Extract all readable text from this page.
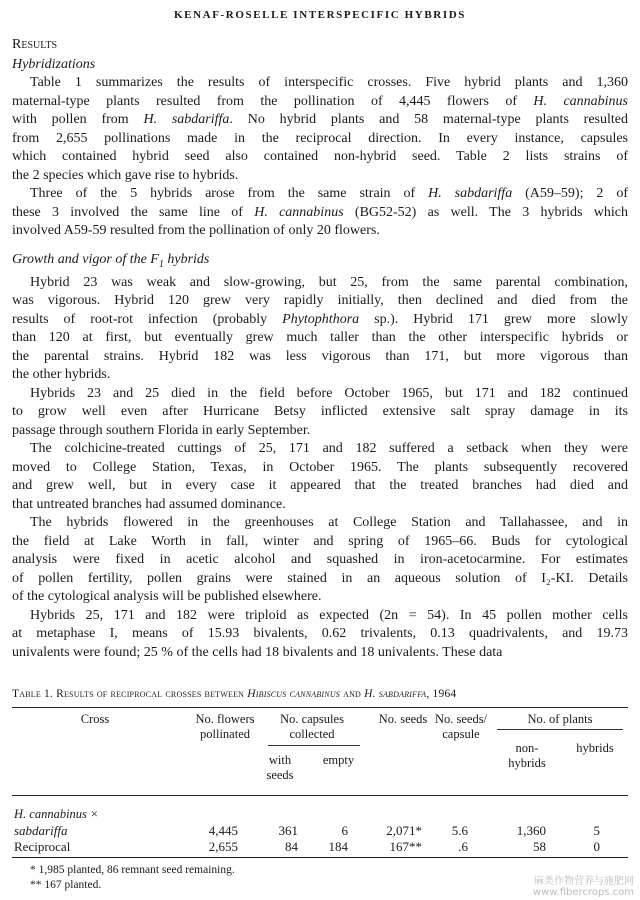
KENAF-ROSELLE INTERSPECIFIC HYBRIDS
Results
Hybridizations
Table 1 summarizes the results of interspecific crosses. Five hybrid plants and 1,360
maternal-type plants resulted from the pollination of 4,445 flowers of H. cannabinus
with pollen from H. sabdariffa. No hybrid plants and 58 maternal-type plants resulted
from 2,655 pollinations made in the reciprocal direction. In every instance, capsules
which contained hybrid seed also contained non-hybrid seed. Table 2 lists strains of
the 2 species which gave rise to hybrids.
Three of the 5 hybrids arose from the same strain of H. sabdariffa (A59–59); 2 of
these 3 involved the same line of H. cannabinus (BG52-52) as well. The 3 hybrids which
involved A59-59 resulted from the pollination of only 20 flowers.
Growth and vigor of the $F_1$ hybrids
Hybrid 23 was weak and slow-growing, but 25, from the same parental combination,
was vigorous. Hybrid 120 grew very rapidly initially, then declined and died from the
results of root-rot infection (probably Phytophthora sp.). Hybrid 171 grew more slowly
than 120 at first, but eventually grew much taller than the other interspecific hybrids or
the parental strains. Hybrid 182 was less vigorous than 171, but more vigorous than
the other hybrids.
Hybrids 23 and 25 died in the field before October 1965, but 171 and 182 continued
to grow well even after Hurricane Betsy inflicted extensive salt spray damage in its
passage through southern Florida in early September.
The colchicine-treated cuttings of 25, 171 and 182 suffered a setback when they were
moved to College Station, Texas, in October 1965. The plants subsequently recovered
and grew well, but in every case it appeared that the treated branches had died and
that untreated branches had assumed dominance.
The hybrids flowered in the greenhouses at College Station and Tallahassee, and in
the field at Lake Worth in fall, winter and spring of 1965–66. Buds for cytological
analysis were fixed in acetic alcohol and squashed in iron-acetocarmine. For estimates
of pollen fertility, pollen grains were stained in an aqueous solution of I₂-KI. Details
of the cytological analysis will be published elsewhere.
Hybrids 25, 171 and 182 were triploid as expected (2n = 54). In 45 pollen mother cells
at metaphase I, means of 15.93 bivalents, 0.62 trivalents, 0.13 quadrivalents, and 19.73
univalents were found; 25 % of the cells had 18 bivalents and 18 univalents. These data
Table 1. Results of reciprocal crosses between Hibiscus cannabinus and H. sabdariffa, 1964
Cross	No. flowers pollinated
No. capsules collected
with seeds
empty
No. seeds No. seeds/ capsule
No. of plants
non-hybrids
hybrids
H. cannabinus ×
sabdariffa	4,445	361	6	2,071*	5.6	1,360	5
Reciprocal	2,655	84	184	167**	.6	58	0
* 1,985 planted, 86 remnant seed remaining.
** 167 planted.	麻类作物营养与施肥网
www.fibercrops.com
